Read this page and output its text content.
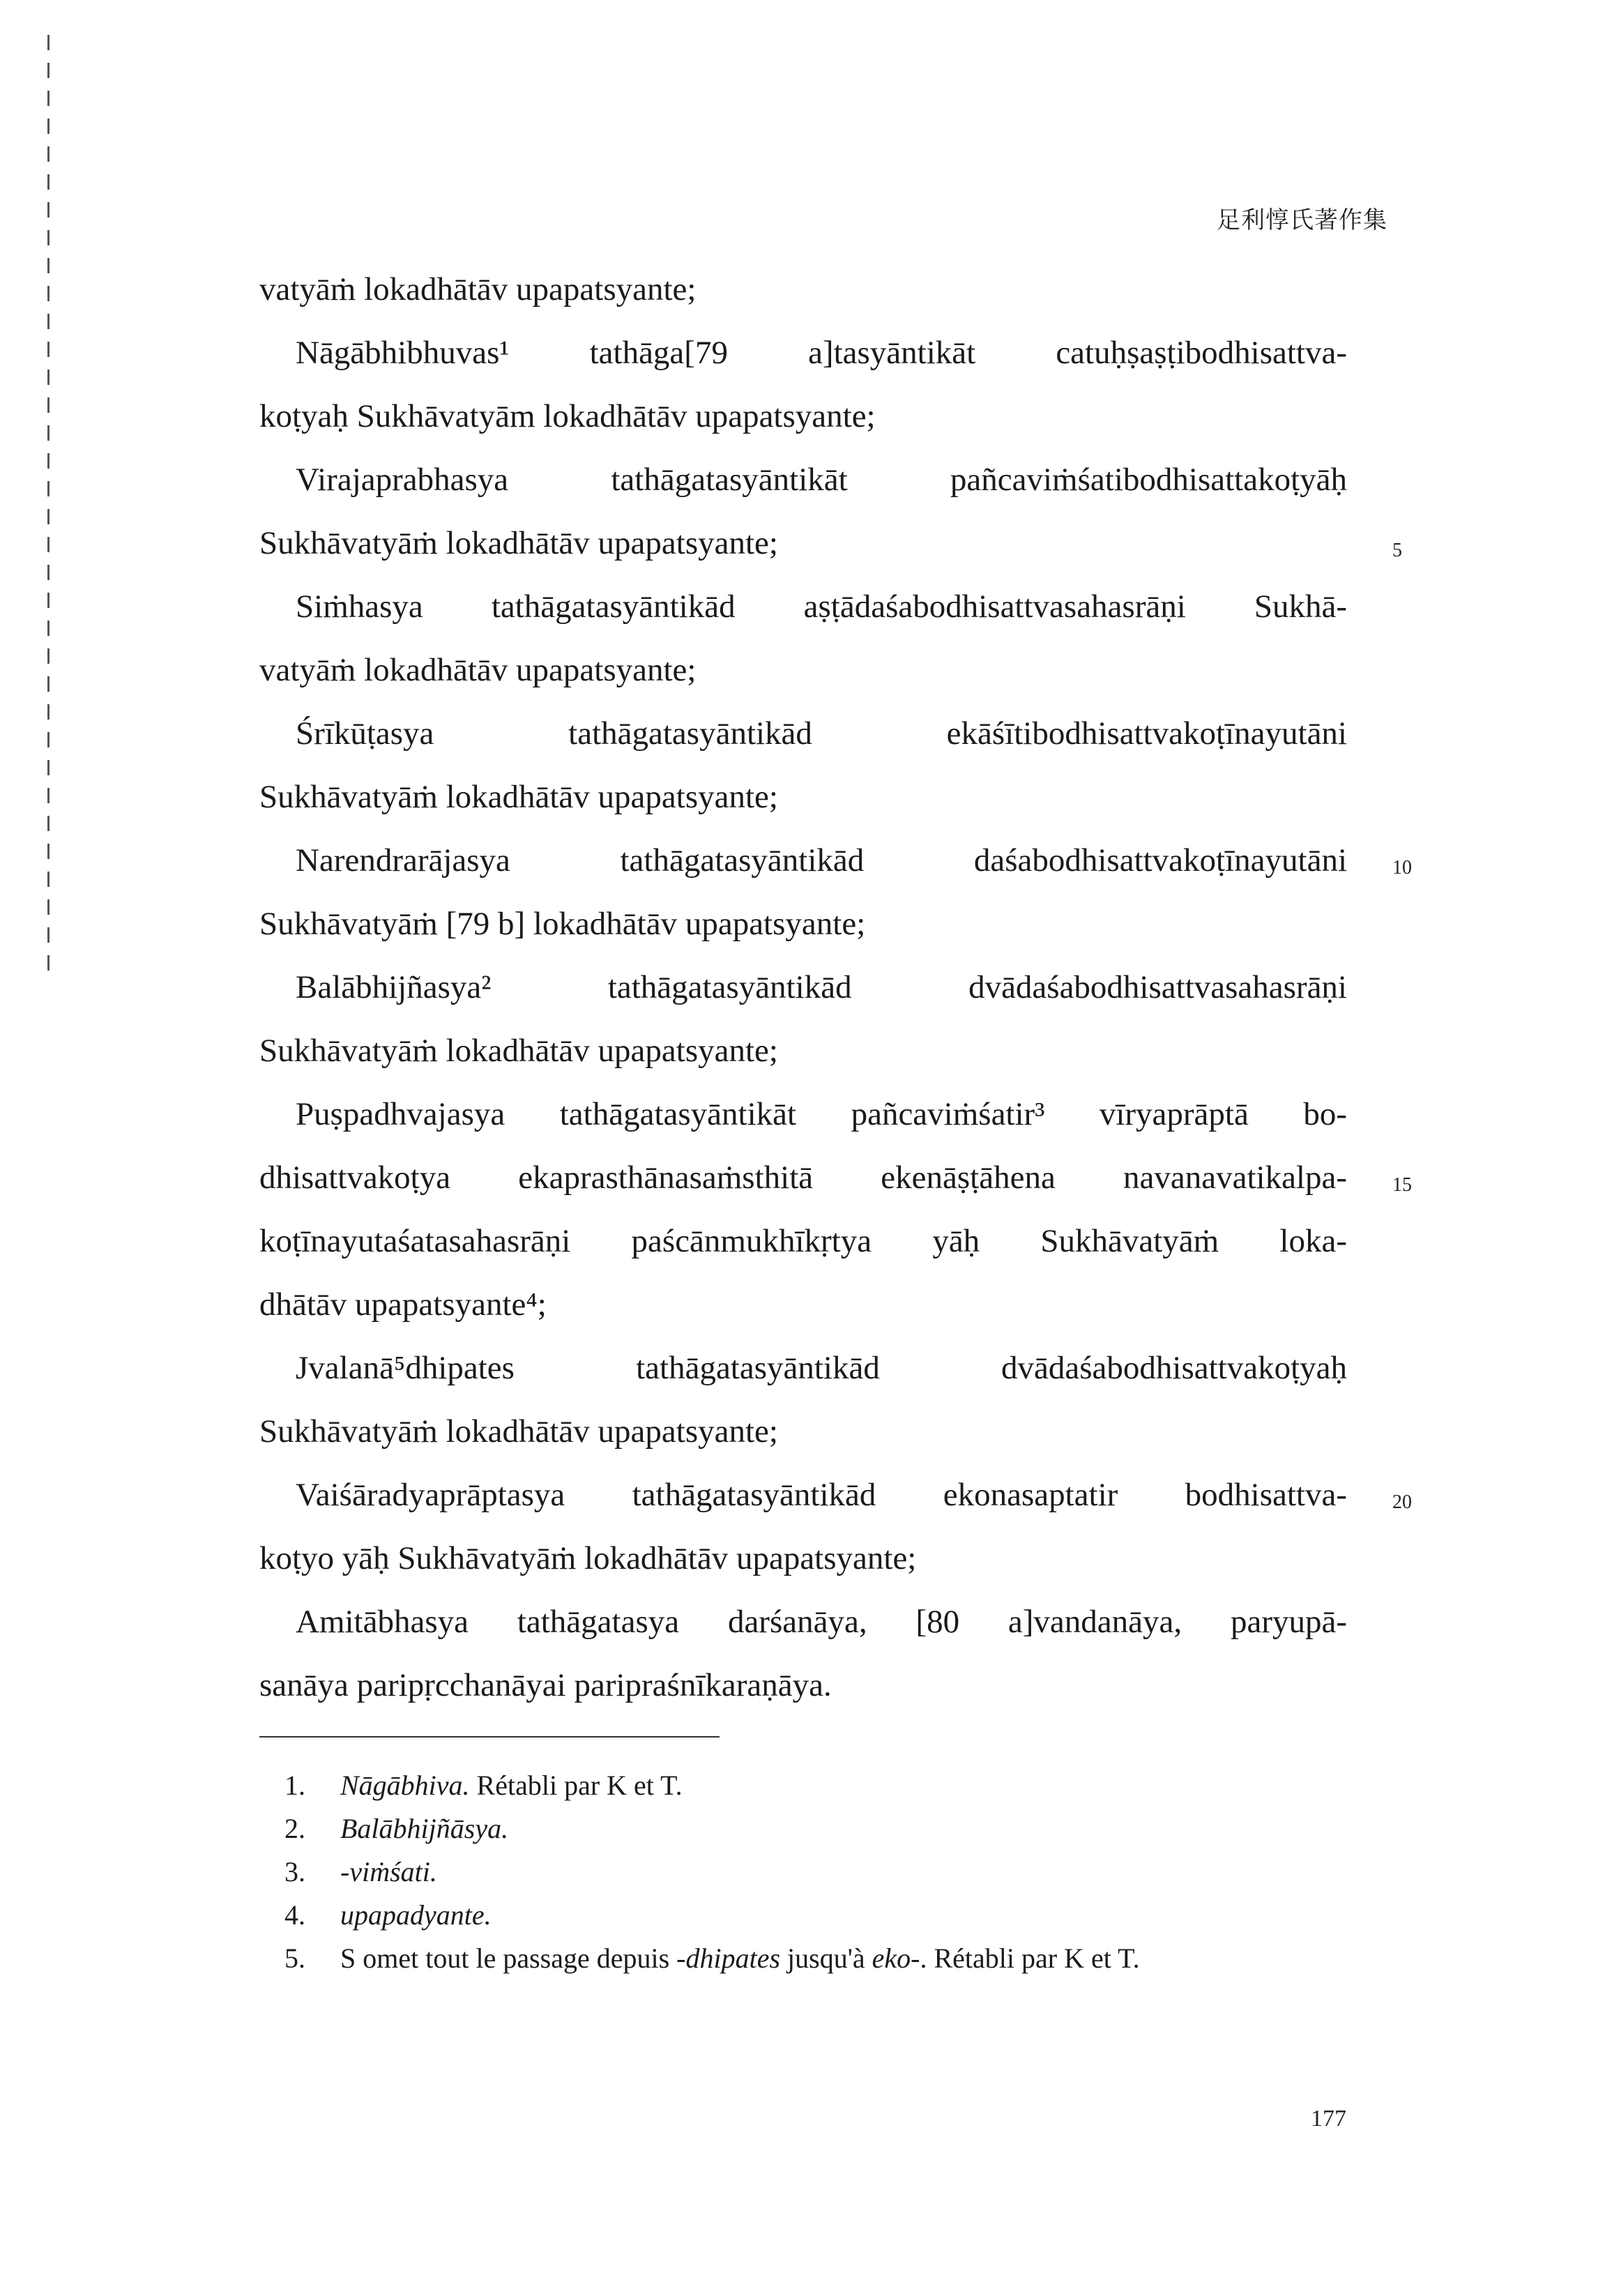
足利惇氏著作集
vatyāṁ lokadhātāv upapatsyante;
Nāgābhibhuvas¹ tathāga[79 a]tasyāntikāt catuḥṣaṣṭibodhisattva-
koṭyaḥ Sukhāvatyām lokadhātāv upapatsyante;
Virajaprabhasya tathāgatasyāntikāt pañcaviṁśatibodhisattakoṭyāḥ
Sukhāvatyāṁ lokadhātāv upapatsyante;	5
Siṁhasya tathāgatasyāntikād aṣṭādaśabodhisattvasahasrāṇi Sukhā-
vatyāṁ lokadhātāv upapatsyante;
Śrīkūṭasya tathāgatasyāntikād ekāśītibodhisattvakoṭīnayutāni
Sukhāvatyāṁ lokadhātāv upapatsyante;
Narendrarājasya tathāgatasyāntikād daśabodhisattvakoṭīnayutāni 10
Sukhāvatyāṁ [79 b] lokadhātāv upapatsyante;
Balābhijñasya² tathāgatasyāntikād dvādaśabodhisattvasahasrāṇi
Sukhāvatyāṁ lokadhātāv upapatsyante;
Puṣpadhvajasya tathāgatasyāntikāt pañcaviṁśatir³ vīryaprāptā bo-
dhisattvakoṭya ekaprasthānasaṁsthitā ekenāṣṭāhena navanavatikalpa- 15
koṭīnayutaśatasahasrāṇi paścānmukhīkṛtya yāḥ Sukhāvatyāṁ loka-
dhātāv upapatsyante⁴;
Jvalanā⁵dhipates tathāgatasyāntikād dvādaśabodhisattvakoṭyaḥ
Sukhāvatyāṁ lokadhātāv upapatsyante;
Vaiśāradyaprāptasya tathāgatasyāntikād ekonasaptatir bodhisattva- 20
koṭyo yāḥ Sukhāvatyāṁ lokadhātāv upapatsyante;
Amitābhasya tathāgatasya darśanāya, [80 a]vandanāya, paryupā-
sanāya paripṛcchanāyai paripraśnīkaraṇāya.
1. Nāgābhiva. Rétabli par K et T.
2. Balābhijñāsya.
3. -viṁśati.
4. upapadyante.
5. S omet tout le passage depuis -dhipates jusqu'à eko-. Rétabli par K et T.
177
